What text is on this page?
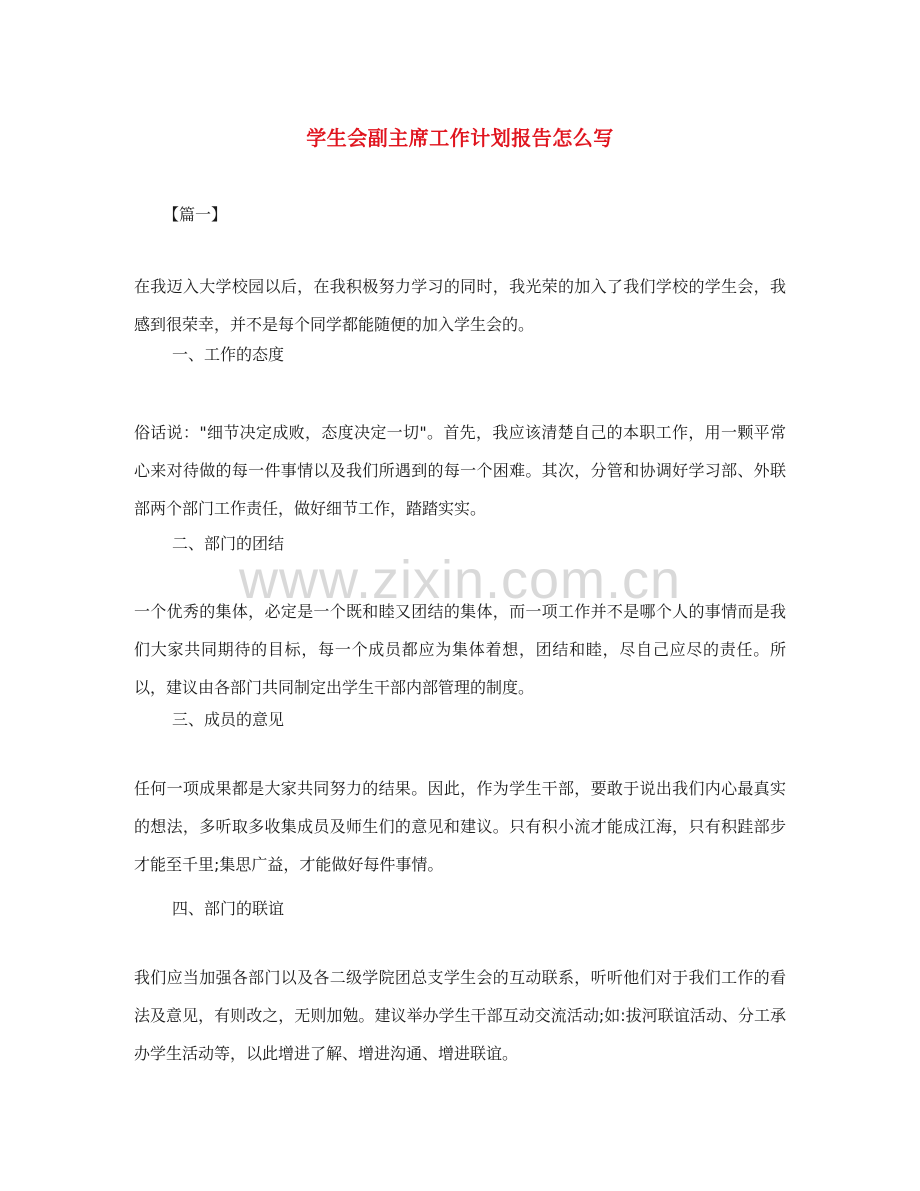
学生会副主席工作计划报告怎么写
【篇一】
在我迈入大学校园以后，在我积极努力学习的同时，我光荣的加入了我们学校的学生会，我感到很荣幸，并不是每个同学都能随便的加入学生会的。
一、工作的态度
俗话说："细节决定成败，态度决定一切"。首先，我应该清楚自己的本职工作，用一颗平常心来对待做的每一件事情以及我们所遇到的每一个困难。其次，分管和协调好学习部、外联部两个部门工作责任，做好细节工作，踏踏实实。
二、部门的团结
一个优秀的集体，必定是一个既和睦又团结的集体，而一项工作并不是哪个人的事情而是我们大家共同期待的目标，每一个成员都应为集体着想，团结和睦，尽自己应尽的责任。所以，建议由各部门共同制定出学生干部内部管理的制度。
三、成员的意见
任何一项成果都是大家共同努力的结果。因此，作为学生干部，要敢于说出我们内心最真实的想法，多听取多收集成员及师生们的意见和建议。只有积小流才能成江海，只有积跬部步才能至千里;集思广益，才能做好每件事情。
四、部门的联谊
我们应当加强各部门以及各二级学院团总支学生会的互动联系，听听他们对于我们工作的看法及意见，有则改之，无则加勉。建议举办学生干部互动交流活动;如:拔河联谊活动、分工承办学生活动等，以此增进了解、增进沟通、增进联谊。
www.zixin.com.cn
